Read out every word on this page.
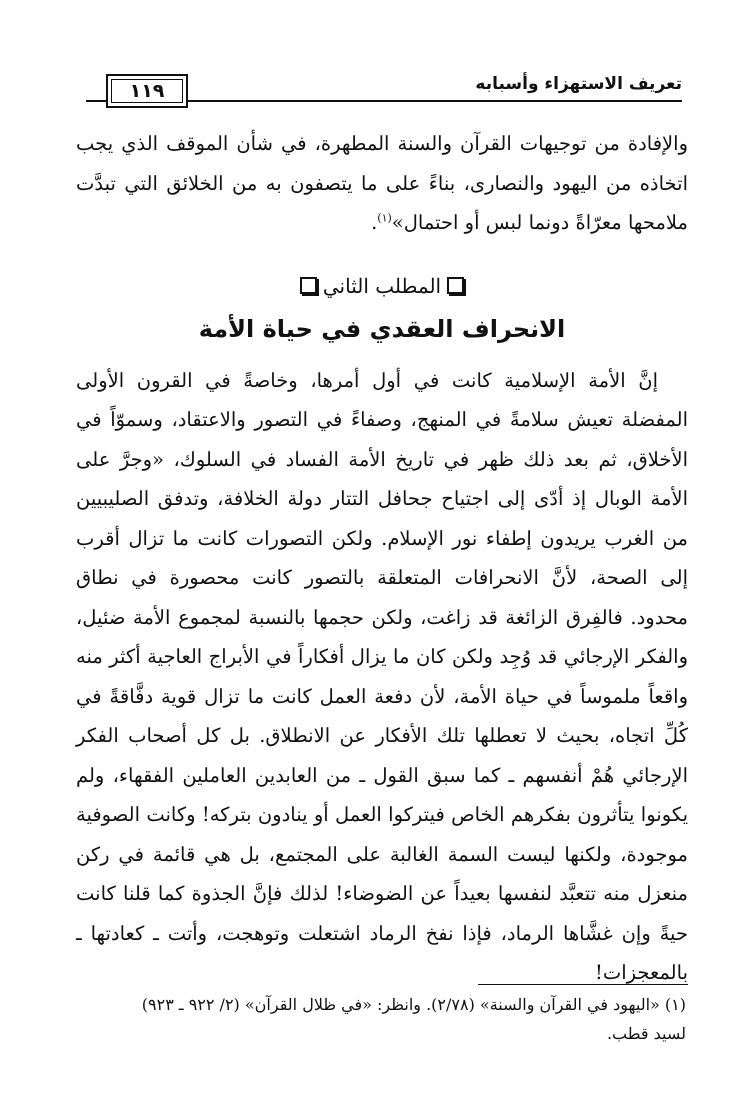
١١٩	تعريف الاستهزاء وأسبابه

والإفادة من توجيهات القرآن والسنة المطهرة، في شأن الموقف الذي يجب اتخاذه من اليهود والنصارى، بناءً على ما يتصفون به من الخلائق التي تبدَّت ملامحها معرّاةً دونما لبس أو احتمال»$^{(١)}$.

المطلب الثاني
الانحراف العقدي في حياة الأمة

إنَّ الأمة الإسلامية كانت في أول أمرها، وخاصةً في القرون الأولى المفضلة تعيش سلامةً في المنهج، وصفاءً في التصور والاعتقاد، وسموّاً في الأخلاق، ثم بعد ذلك ظهر في تاريخ الأمة الفساد في السلوك، «وجرَّ على الأمة الوبال إذ أدّى إلى اجتياح جحافل التتار دولة الخلافة، وتدفق الصليبيين من الغرب يريدون إطفاء نور الإسلام. ولكن التصورات كانت ما تزال أقرب إلى الصحة، لأنَّ الانحرافات المتعلقة بالتصور كانت محصورة في نطاق محدود. فالفِرق الزائغة قد زاغت، ولكن حجمها بالنسبة لمجموع الأمة ضئيل، والفكر الإرجائي قد وُجِد ولكن كان ما يزال أفكاراً في الأبراج العاجية أكثر منه واقعاً ملموساً في حياة الأمة، لأن دفعة العمل كانت ما تزال قوية دفَّاقةً في كُلِّ اتجاه، بحيث لا تعطلها تلك الأفكار عن الانطلاق. بل كل أصحاب الفكر الإرجائي هُمْ أنفسهم ـ كما سبق القول ـ من العابدين العاملين الفقهاء، ولم يكونوا يتأثرون بفكرهم الخاص فيتركوا العمل أو ينادون بتركه! وكانت الصوفية موجودة، ولكنها ليست السمة الغالبة على المجتمع، بل هي قائمة في ركن منعزل منه تتعبَّد لنفسها بعيداً عن الضوضاء! لذلك فإنَّ الجذوة كما قلنا كانت حيةً وإن غشَّاها الرماد، فإذا نفخ الرماد اشتعلت وتوهجت، وأتت ـ كعادتها ـ بالمعجزات!

(١) «اليهود في القرآن والسنة» (٢/٧٨). وانظر: «في ظلال القرآن» (٢/ ٩٢٢ ـ ٩٢٣)

لسيد قطب.
